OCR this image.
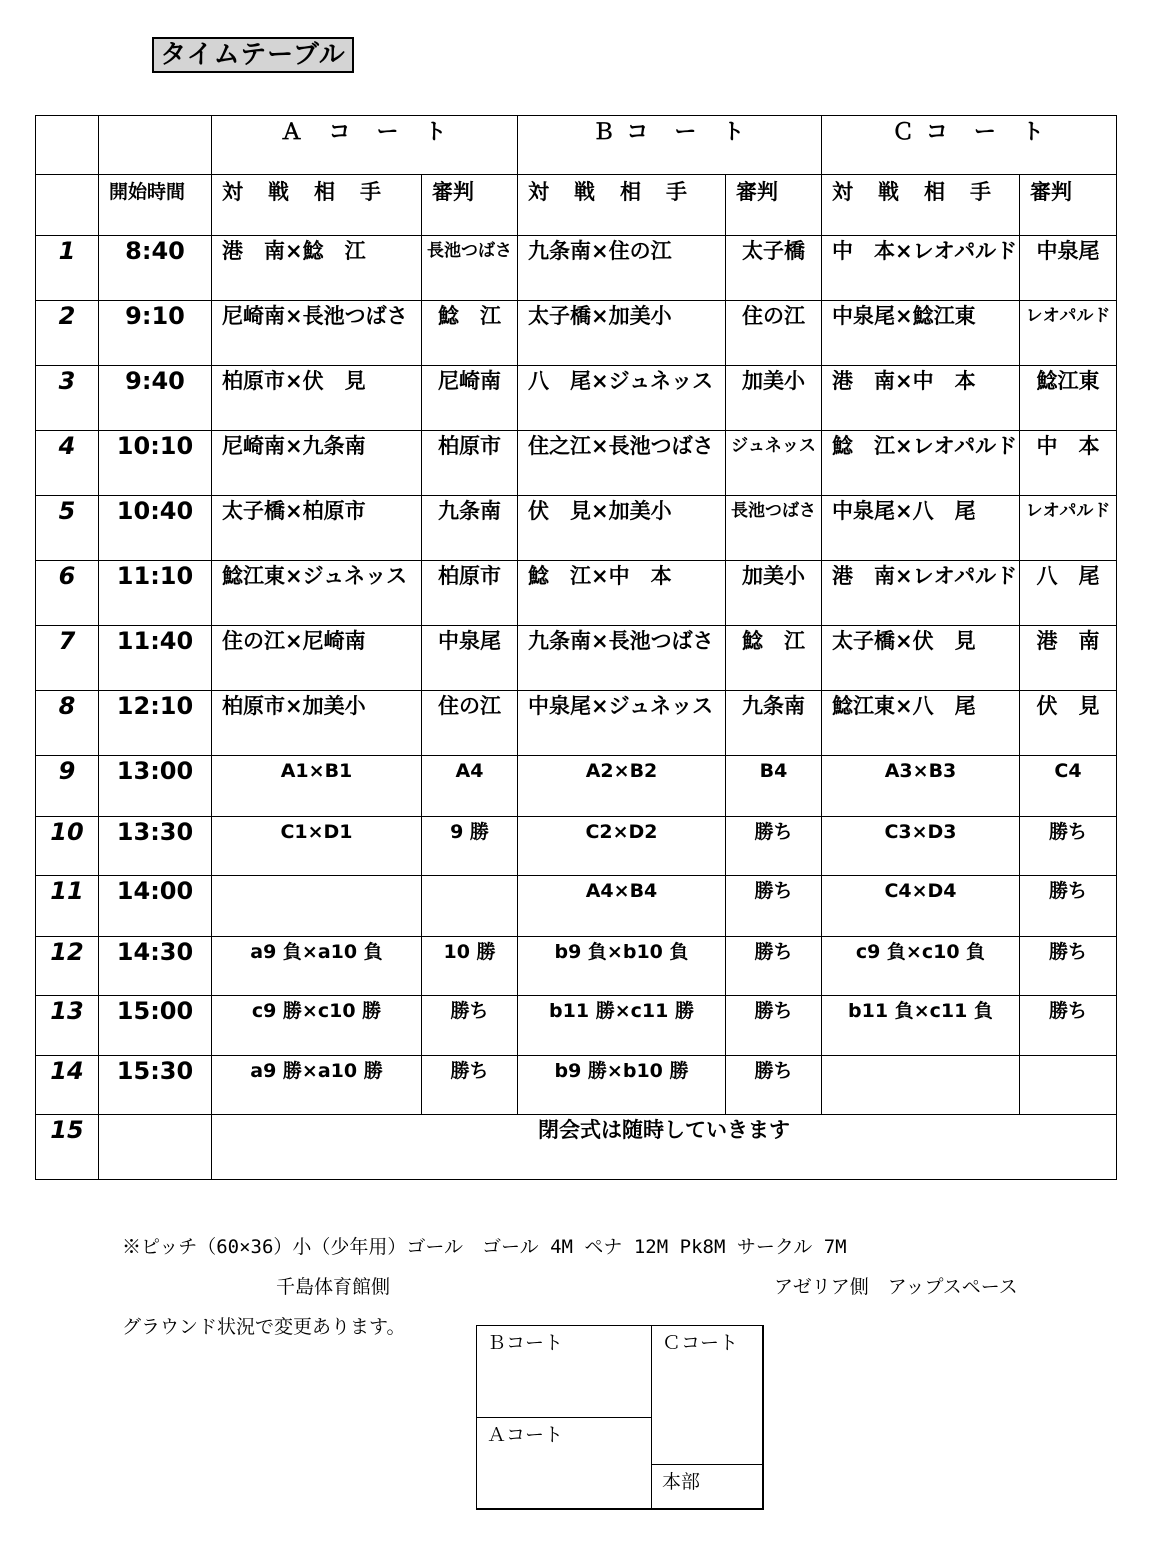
タイムテーブル
		Ａ　コ　ー　ト		Ｂ コ　ー　ト		Ｃ コ　ー　ト	
	開始時間	対　戦　相　手	審判	対　戦　相　手	審判	対　戦　相　手	審判
1	8:40	港　南×鯰　江	長池つばさ	九条南×住の江	太子橋	中　本×レオパルド	中泉尾
2	9:10	尼崎南×長池つばさ	鯰　江	太子橋×加美小	住の江	中泉尾×鯰江東	レオパルド
3	9:40	柏原市×伏　見	尼崎南	八　尾×ジュネッス	加美小	港　南×中　本	鯰江東
4	10:10	尼崎南×九条南	柏原市	住之江×長池つばさ	ジュネッス	鯰　江×レオパルド	中　本
5	10:40	太子橋×柏原市	九条南	伏　見×加美小	長池つばさ	中泉尾×八　尾	レオパルド
6	11:10	鯰江東×ジュネッス	柏原市	鯰　江×中　本	加美小	港　南×レオパルド	八　尾
7	11:40	住の江×尼崎南	中泉尾	九条南×長池つばさ	鯰　江	太子橋×伏　見	港　南
8	12:10	柏原市×加美小	住の江	中泉尾×ジュネッス	九条南	鯰江東×八　尾	伏　見
9	13:00	A1×B1	A4	A2×B2	B4	A3×B3	C4
10	13:30	C1×D1	9 勝	C2×D2	勝ち	C3×D3	勝ち
11	14:00			A4×B4	勝ち	C4×D4	勝ち
12	14:30	a9 負×a10 負	10 勝	b9 負×b10 負	勝ち	c9 負×c10 負	勝ち
13	15:00	c9 勝×c10 勝	勝ち	b11 勝×c11 勝	勝ち	b11 負×c11 負	勝ち
14	15:30	a9 勝×a10 勝	勝ち	b9 勝×b10 勝	勝ち		
15		閉会式は随時していきます					
※ピッチ（60×36）小（少年用）ゴール　ゴール 4M ペナ 12M Pk8M サークル 7M
千島体育館側	アゼリア側　アップスペース
グラウンド状況で変更あります。
Ｂコート
Ａコート
Ｃコート
本部
